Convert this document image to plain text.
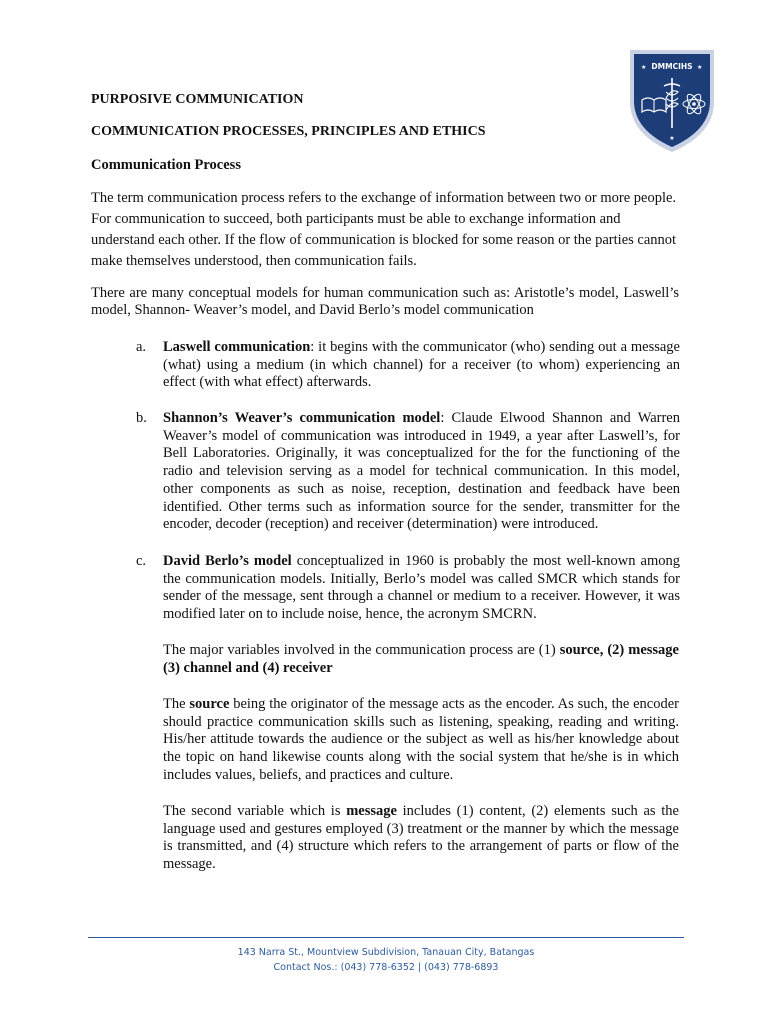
DMMCIHS
★	★
★
PURPOSIVE COMMUNICATION
COMMUNICATION PROCESSES, PRINCIPLES AND ETHICS
Communication Process

The term communication process refers to the exchange of information between two or more people. For communication to succeed, both participants must be able to exchange information and understand each other. If the flow of communication is blocked for some reason or the parties cannot make themselves understood, then communication fails.

There are many conceptual models for human communication such as: Aristotle’s model, Laswell’s model, Shannon- Weaver’s model, and David Berlo’s model communication

a.	Laswell communication: it begins with the communicator (who) sending out a message (what) using a medium (in which channel) for a receiver (to whom) experiencing an effect (with what effect) afterwards.
b.	Shannon’s Weaver’s communication model: Claude Elwood Shannon and Warren Weaver’s model of communication was introduced in 1949, a year after Laswell’s, for Bell Laboratories. Originally, it was conceptualized for the for the functioning of the radio and television serving as a model for technical communication. In this model, other components as such as noise, reception, destination and feedback have been identified. Other terms such as information source for the sender, transmitter for the encoder, decoder (reception) and receiver (determination) were introduced.
c.	David Berlo’s model conceptualized in 1960 is probably the most well-known among the communication models. Initially, Berlo’s model was called SMCR which stands for sender of the message, sent through a channel or medium to a receiver. However, it was modified later on to include noise, hence, the acronym SMCRN.

The major variables involved in the communication process are (1) source, (2) message (3) channel and (4) receiver

The source being the originator of the message acts as the encoder. As such, the encoder should practice communication skills such as listening, speaking, reading and writing. His/her attitude towards the audience or the subject as well as his/her knowledge about the topic on hand likewise counts along with the social system that he/she is in which includes values, beliefs, and practices and culture.

The second variable which is message includes (1) content, (2) elements such as the language used and gestures employed (3) treatment or the manner by which the message is transmitted, and (4) structure which refers to the arrangement of parts or flow of the message.

143 Narra St., Mountview Subdivision, Tanauan City, Batangas
Contact Nos.: (043) 778-6352 | (043) 778-6893
